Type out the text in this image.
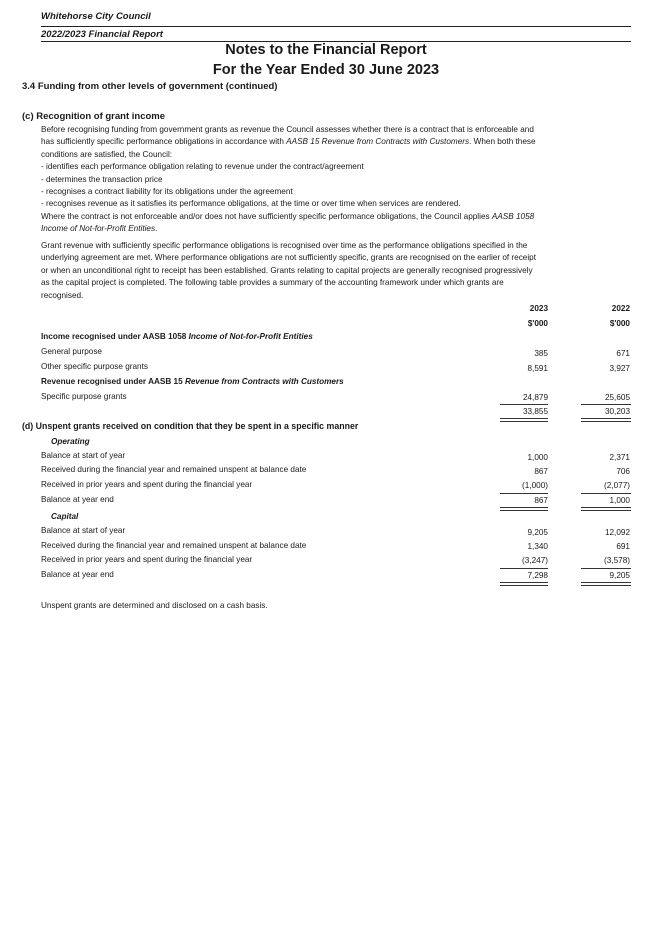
Whitehorse City Council
2022/2023 Financial Report
Notes to the Financial Report
For the Year Ended 30 June 2023
3.4 Funding from other levels of government (continued)
(c) Recognition of grant income
Before recognising funding from government grants as revenue the Council assesses whether there is a contract that is enforceable and
has sufficiently specific performance obligations in accordance with AASB 15 Revenue from Contracts with Customers. When both these
conditions are satisfied, the Council:
- identifies each performance obligation relating to revenue under the contract/agreement
- determines the transaction price
- recognises a contract liability for its obligations under the agreement
- recognises revenue as it satisfies its performance obligations, at the time or over time when services are rendered.
Where the contract is not enforceable and/or does not have sufficiently specific performance obligations, the Council applies AASB 1058
Income of Not-for-Profit Entities.
Grant revenue with sufficiently specific performance obligations is recognised over time as the performance obligations specified in the
underlying agreement are met. Where performance obligations are not sufficiently specific, grants are recognised on the earlier of receipt
or when an unconditional right to receipt has been established. Grants relating to capital projects are generally recognised progressively
as the capital project is completed. The following table provides a summary of the accounting framework under which grants are
recognised.
2023	2022
$'000	$'000
Income recognised under AASB 1058 Income of Not-for-Profit Entities
General purpose	385	671
Other specific purpose grants	8,591	3,927
Revenue recognised under AASB 15 Revenue from Contracts with Customers
Specific purpose grants	24,879	25,605
33,855	30,203
(d) Unspent grants received on condition that they be spent in a specific manner
Operating
Balance at start of year	1,000	2,371
Received during the financial year and remained unspent at balance date	867	706
Received in prior years and spent during the financial year	(1,000)	(2,077)
Balance at year end	867	1,000
Capital
Balance at start of year	9,205	12,092
Received during the financial year and remained unspent at balance date	1,340	691
Received in prior years and spent during the financial year	(3,247)	(3,578)
Balance at year end	7,298	9,205
Unspent grants are determined and disclosed on a cash basis.
